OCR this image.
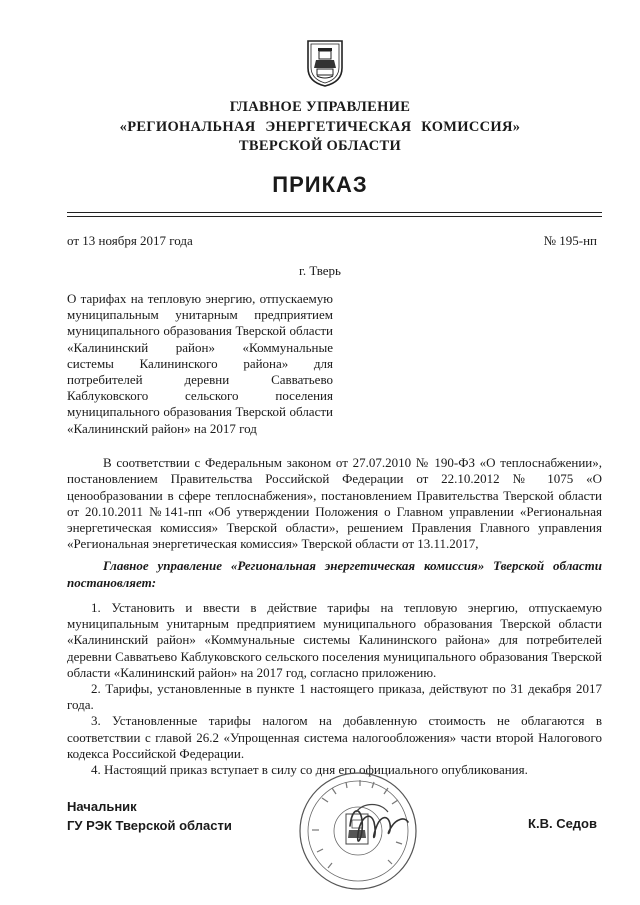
ГЛАВНОЕ УПРАВЛЕНИЕ
«РЕГИОНАЛЬНАЯ ЭНЕРГЕТИЧЕСКАЯ КОМИССИЯ»
ТВЕРСКОЙ ОБЛАСТИ
ПРИКАЗ
от 13 ноября 2017 года	№ 195-нп
г. Тверь
О тарифах на тепловую энергию, отпускаемую муниципальным унитарным предприятием муниципального образования Тверской области «Калининский район» «Коммунальные системы Калининского района» для потребителей деревни Савватьево Каблуковского сельского поселения муниципального образования Тверской области «Калининский район» на 2017 год
В соответствии с Федеральным законом от 27.07.2010 № 190-ФЗ «О теплоснабжении», постановлением Правительства Российской Федерации от 22.10.2012 № 1075 «О ценообразовании в сфере теплоснабжения», постановлением Правительства Тверской области от 20.10.2011 №141-пп «Об утверждении Положения о Главном управлении «Региональная энергетическая комиссия» Тверской области», решением Правления Главного управления «Региональная энергетическая комиссия» Тверской области от 13.11.2017,
Главное управление «Региональная энергетическая комиссия» Тверской области постановляет:

1. Установить и ввести в действие тарифы на тепловую энергию, отпускаемую муниципальным унитарным предприятием муниципального образования Тверской области «Калининский район» «Коммунальные системы Калининского района» для потребителей деревни Савватьево Каблуковского сельского поселения муниципального образования Тверской области «Калининский район» на 2017 год, согласно приложению.

2. Тарифы, установленные в пункте 1 настоящего приказа, действуют по 31 декабря 2017 года.

3. Установленные тарифы налогом на добавленную стоимость не облагаются в соответствии с главой 26.2 «Упрощенная система налогообложения» части второй Налогового кодекса Российской Федерации.

4. Настоящий приказ вступает в силу со дня его официального опубликования.

Начальник
ГУ РЭК Тверской области	К.В. Седов
